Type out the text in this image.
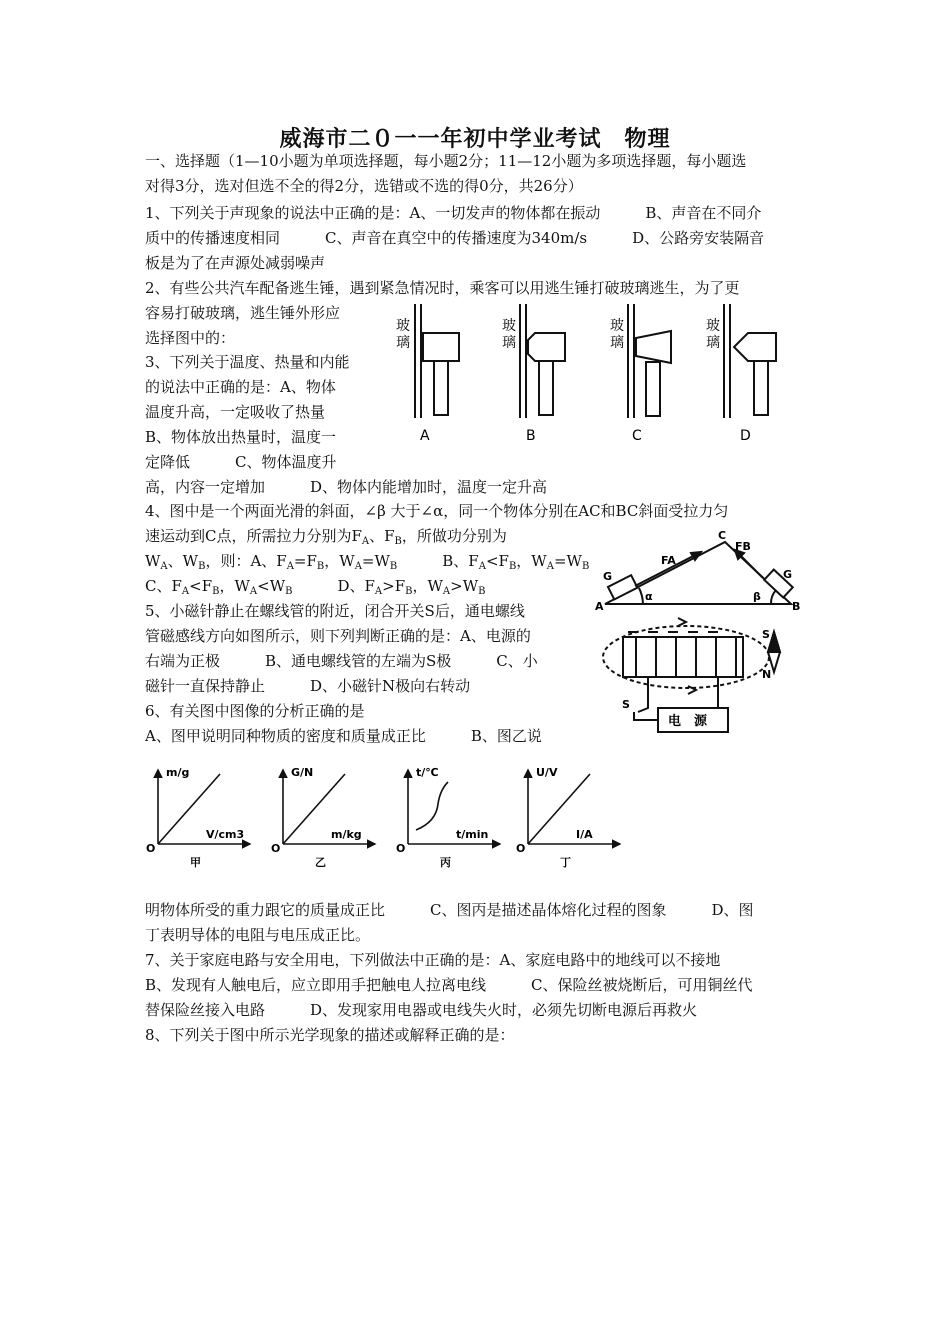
威海市二０一一年初中学业考试　物理
一、选择题（1—10小题为单项选择题，每小题2分；11—12小题为多项选择题，每小题选
对得3分，选对但选不全的得2分，选错或不选的得0分，共26分）
1、下列关于声现象的说法中正确的是：A、一切发声的物体都在振动　　　B、声音在不同介
质中的传播速度相同　　　C、声音在真空中的传播速度为340m/s　　　D、公路旁安装隔音
板是为了在声源处减弱噪声
2、有些公共汽车配备逃生锤，遇到紧急情况时，乘客可以用逃生锤打破玻璃逃生，为了更
容易打破玻璃，逃生锤外形应
选择图中的：
3、下列关于温度、热量和内能
的说法中正确的是：A、物体
温度升高，一定吸收了热量
B、物体放出热量时，温度一
定降低　　　C、物体温度升
高，内容一定增加　　　D、物体内能增加时，温度一定升高
4、图中是一个两面光滑的斜面，∠β 大于∠α，同一个物体分别在AC和BC斜面受拉力匀
速运动到C点，所需拉力分别为$F_A$、$F_B$，所做功分别为
$W_A$、$W_B$，则：A、$F_A=F_B$，$W_A=W_B$　　　B、$F_A<F_B$，$W_A=W_B$
C、$F_A<F_B$，$W_A<W_B$　　　D、$F_A>F_B$，$W_A>W_B$
5、小磁针静止在螺线管的附近，闭合开关S后，通电螺线
管磁感线方向如图所示，则下列判断正确的是：A、电源的
右端为正极　　　B、通电螺线管的左端为S极　　　C、小
磁针一直保持静止　　　D、小磁针N极向右转动
6、有关图中图像的分析正确的是
A、图甲说明同种物质的密度和质量成正比　　　B、图乙说
明物体所受的重力跟它的质量成正比　　　C、图丙是描述晶体熔化过程的图象　　　D、图
丁表明导体的电阻与电压成正比。
7、关于家庭电路与安全用电，下列做法中正确的是：A、家庭电路中的地线可以不接地
B、发现有人触电后，应立即用手把触电人拉离电线　　　C、保险丝被烧断后，可用铜丝代
替保险丝接入电路　　　D、发现家用电器或电线失火时，必须先切断电源后再救火
8、下列关于图中所示光学现象的描述或解释正确的是：
玻
璃
玻
璃
玻
璃
玻
璃
A	B	C	D
A	B
C
FA
FB
G	G
α	β
电　源
S
S
N
m/g
V/cm3
O
甲
G/N
m/kg
O
乙
t/℃
t/min
O
丙
U/V
I/A
O
丁
